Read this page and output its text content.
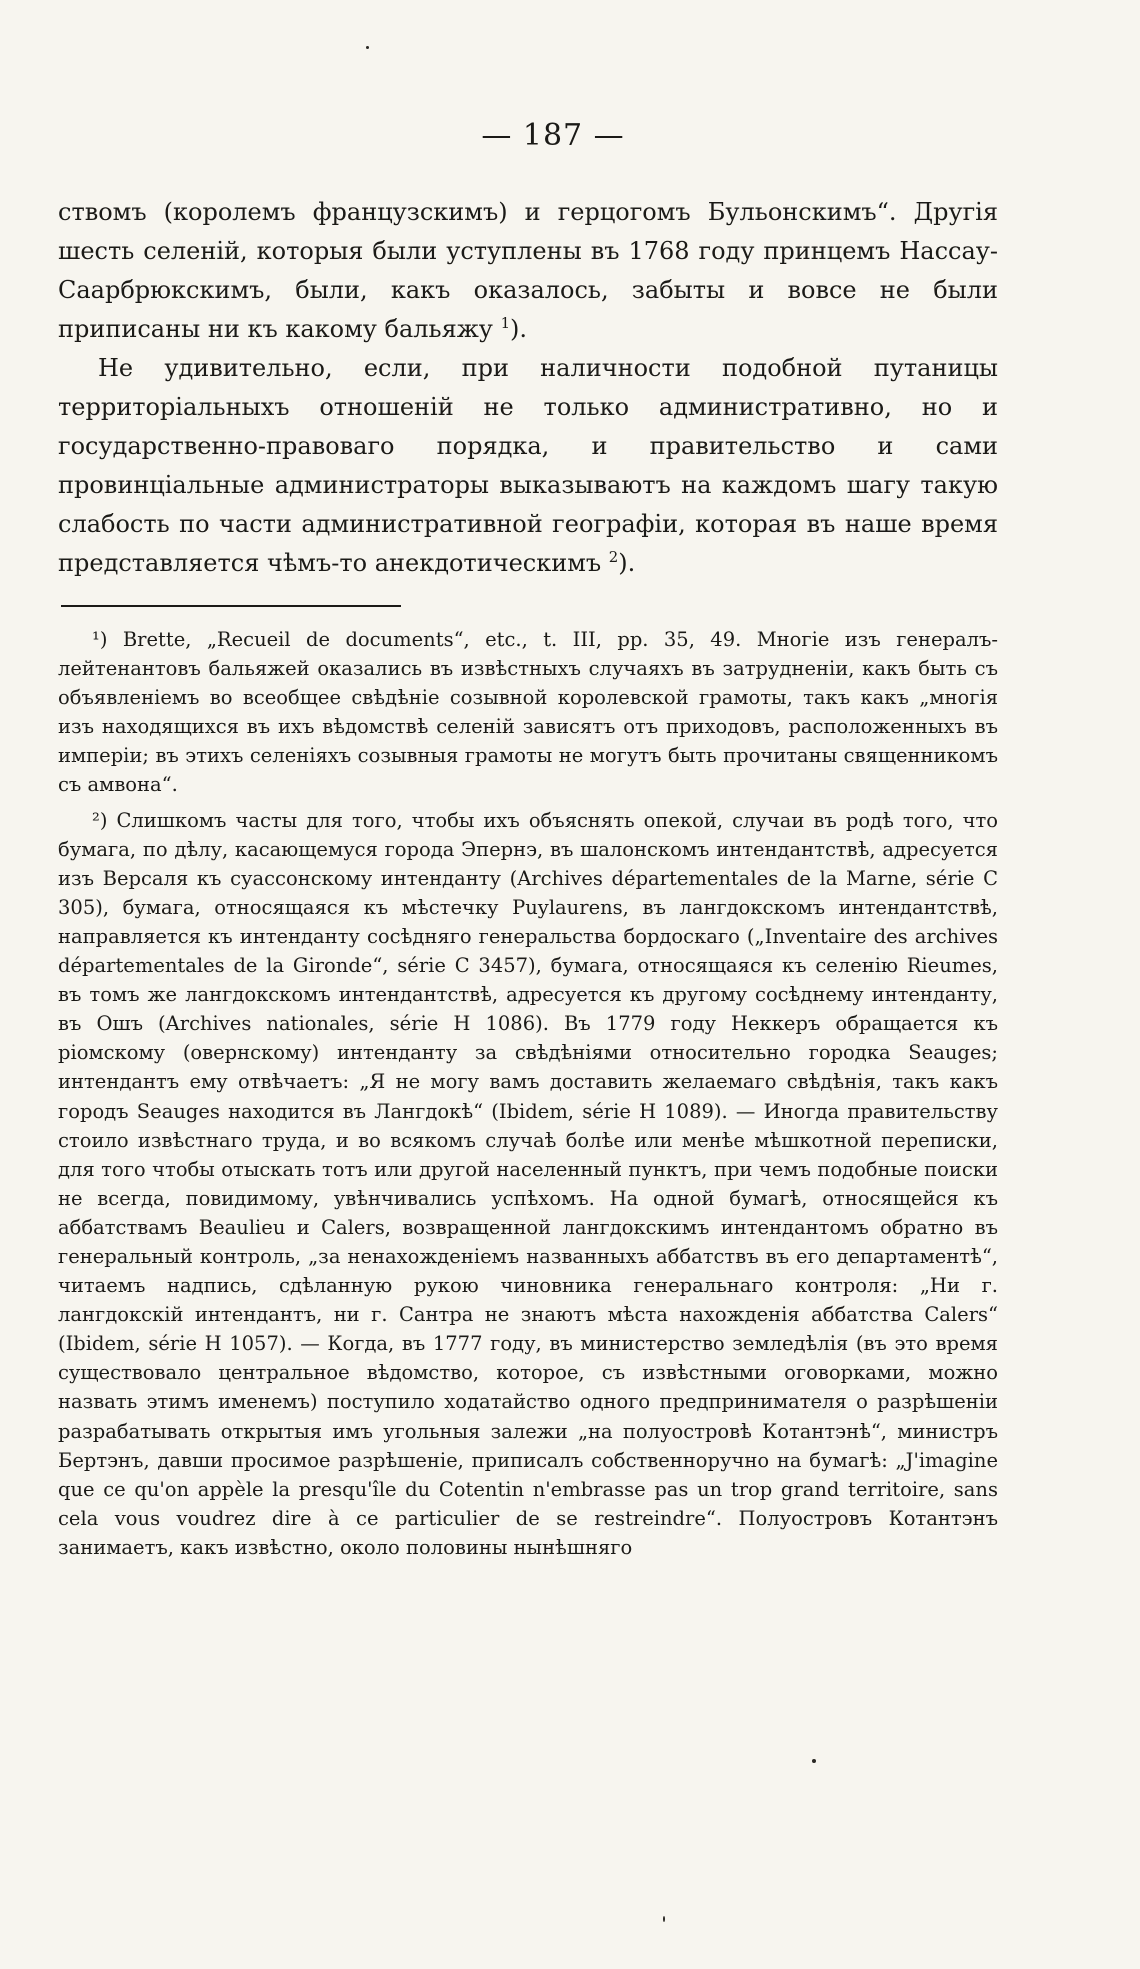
— 187 —

ствомъ (королемъ французскимъ) и герцогомъ Бульонскимъ“. Другія шесть селеній, которыя были уступлены въ 1768 году принцемъ Нассау-Саарбрюкскимъ, были, какъ оказалось, забыты и вовсе не были приписаны ни къ какому бальяжу $^1$).

Не удивительно, если, при наличности подобной путаницы территоріальныхъ отношеній не только административно, но и государственно-правоваго порядка, и правительство и сами провинціальные администраторы выказываютъ на каждомъ шагу такую слабость по части административной географіи, которая въ наше время представляется чѣмъ-то анекдотическимъ $^2$).

¹) Brette, „Recueil de documents“, etc., t. III, pp. 35, 49. Многіе изъ генералъ-лейтенантовъ бальяжей оказались въ извѣстныхъ случаяхъ въ затрудненіи, какъ быть съ объявленіемъ во всеобщее свѣдѣніе созывной королевской грамоты, такъ какъ „многія изъ находящихся въ ихъ вѣдомствѣ селеній зависятъ отъ приходовъ, расположенныхъ въ имперіи; въ этихъ селеніяхъ созывныя грамоты не могутъ быть прочитаны священникомъ съ амвона“.

²) Слишкомъ часты для того, чтобы ихъ объяснять опекой, случаи въ родѣ того, что бумага, по дѣлу, касающемуся города Эпернэ, въ шалонскомъ интендантствѣ, адресуется изъ Версаля къ суассонскому интенданту (Archives départementales de la Marne, série C 305), бумага, относящаяся къ мѣстечку Puylaurens, въ лангдокскомъ интендантствѣ, направляется къ интенданту сосѣдняго генеральства бордоскаго („Inventaire des archives départementales de la Gironde“, série C 3457), бумага, относящаяся къ селенію Rieumes, въ томъ же лангдокскомъ интендантствѣ, адресуется къ другому сосѣднему интенданту, въ Ошъ (Archives nationales, série H 1086). Въ 1779 году Неккеръ обращается къ ріомскому (овернскому) интенданту за свѣдѣніями относительно городка Seauges; интендантъ ему отвѣчаетъ: „Я не могу вамъ доставить желаемаго свѣдѣнія, такъ какъ городъ Seauges находится въ Лангдокѣ“ (Ibidem, série H 1089). — Иногда правительству стоило извѣстнаго труда, и во всякомъ случаѣ болѣе или менѣе мѣшкотной переписки, для того чтобы отыскать тотъ или другой населенный пунктъ, при чемъ подобные поиски не всегда, повидимому, увѣнчивались успѣхомъ. На одной бумагѣ, относящейся къ аббатствамъ Beaulieu и Calers, возвращенной лангдокскимъ интендантомъ обратно въ генеральный контроль, „за ненахожденіемъ названныхъ аббатствъ въ его департаментѣ“, читаемъ надпись, сдѣланную рукою чиновника генеральнаго контроля: „Ни г. лангдокскій интендантъ, ни г. Сантра не знаютъ мѣста нахожденія аббатства Calers“ (Ibidem, série H 1057). — Когда, въ 1777 году, въ министерство земледѣлія (въ это время существовало центральное вѣдомство, которое, съ извѣстными оговорками, можно назвать этимъ именемъ) поступило ходатайство одного предпринимателя о разрѣшеніи разрабатывать открытыя имъ угольныя залежи „на полуостровѣ Котантэнѣ“, министръ Бертэнъ, давши просимое разрѣшеніе, приписалъ собственноручно на бумагѣ: „J'imagine que ce qu'on appèle la presqu'île du Cotentin n'embrasse pas un trop grand territoire, sans cela vous voudrez dire à ce particulier de se restreindre“. Полуостровъ Котантэнъ занимаетъ, какъ извѣстно, около половины нынѣшняго
